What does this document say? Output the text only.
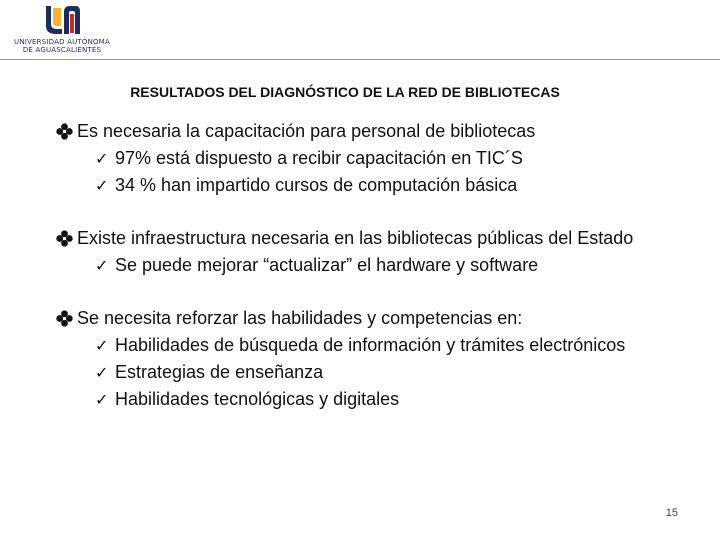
UNIVERSIDAD AUTÓNOMA
DE AGUASCALIENTES
RESULTADOS DEL DIAGNÓSTICO DE LA RED DE BIBLIOTECAS
Es necesaria la capacitación para personal de bibliotecas
✓ 97% está dispuesto a recibir capacitación en TIC´S
✓ 34 % han impartido cursos de computación básica
Existe infraestructura necesaria en las bibliotecas públicas del Estado
✓ Se puede mejorar “actualizar” el hardware y software
Se necesita reforzar las habilidades y competencias en:
✓ Habilidades de búsqueda de información y trámites electrónicos
✓ Estrategias de enseñanza
✓ Habilidades tecnológicas y digitales
15
